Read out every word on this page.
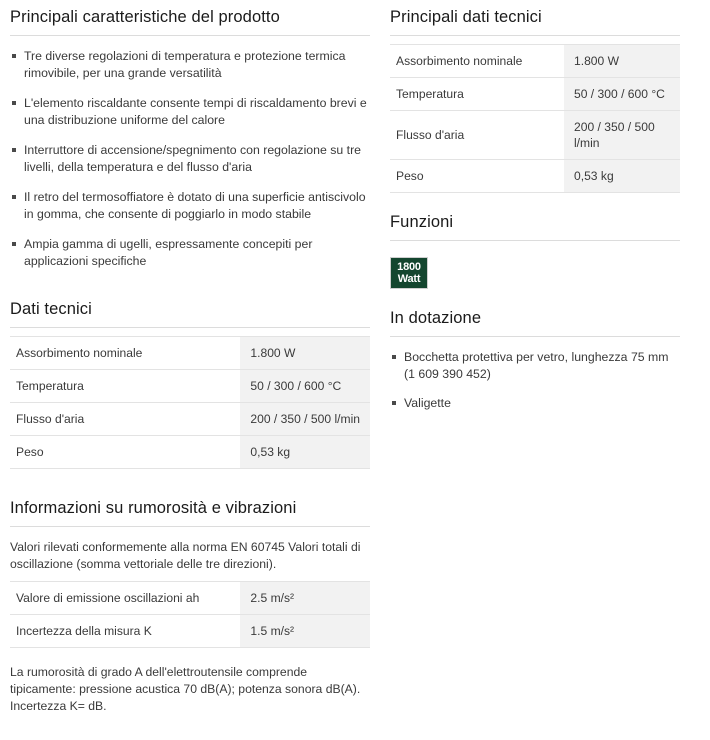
Principali caratteristiche del prodotto
Tre diverse regolazioni di temperatura e protezione termica rimovibile, per una grande versatilità
L'elemento riscaldante consente tempi di riscaldamento brevi e una distribuzione uniforme del calore
Interruttore di accensione/spegnimento con regolazione su tre livelli, della temperatura e del flusso d'aria
Il retro del termosoffiatore è dotato di una superficie antiscivolo in gomma, che consente di poggiarlo in modo stabile
Ampia gamma di ugelli, espressamente concepiti per applicazioni specifiche
Dati tecnici
Assorbimento nominale	1.800 W
Temperatura	50 / 300 / 600 °C
Flusso d'aria	200 / 350 / 500 l/min
Peso	0,53 kg
Informazioni su rumorosità e vibrazioni

Valori rilevati conformemente alla norma EN 60745 Valori totali di oscillazione (somma vettoriale delle tre direzioni).

Valore di emissione oscillazioni ah	2.5 m/s²
Incertezza della misura K	1.5 m/s²

La rumorosità di grado A dell'elettroutensile comprende tipicamente: pressione acustica 70 dB(A); potenza sonora dB(A). Incertezza K= dB.

Principali dati tecnici
Assorbimento nominale	1.800 W
Temperatura	50 / 300 / 600 °C
Flusso d'aria	200 / 350 / 500 l/min
Peso	0,53 kg
Funzioni
1800
Watt
In dotazione
Bocchetta protettiva per vetro, lunghezza 75 mm (1 609 390 452)
Valigette
